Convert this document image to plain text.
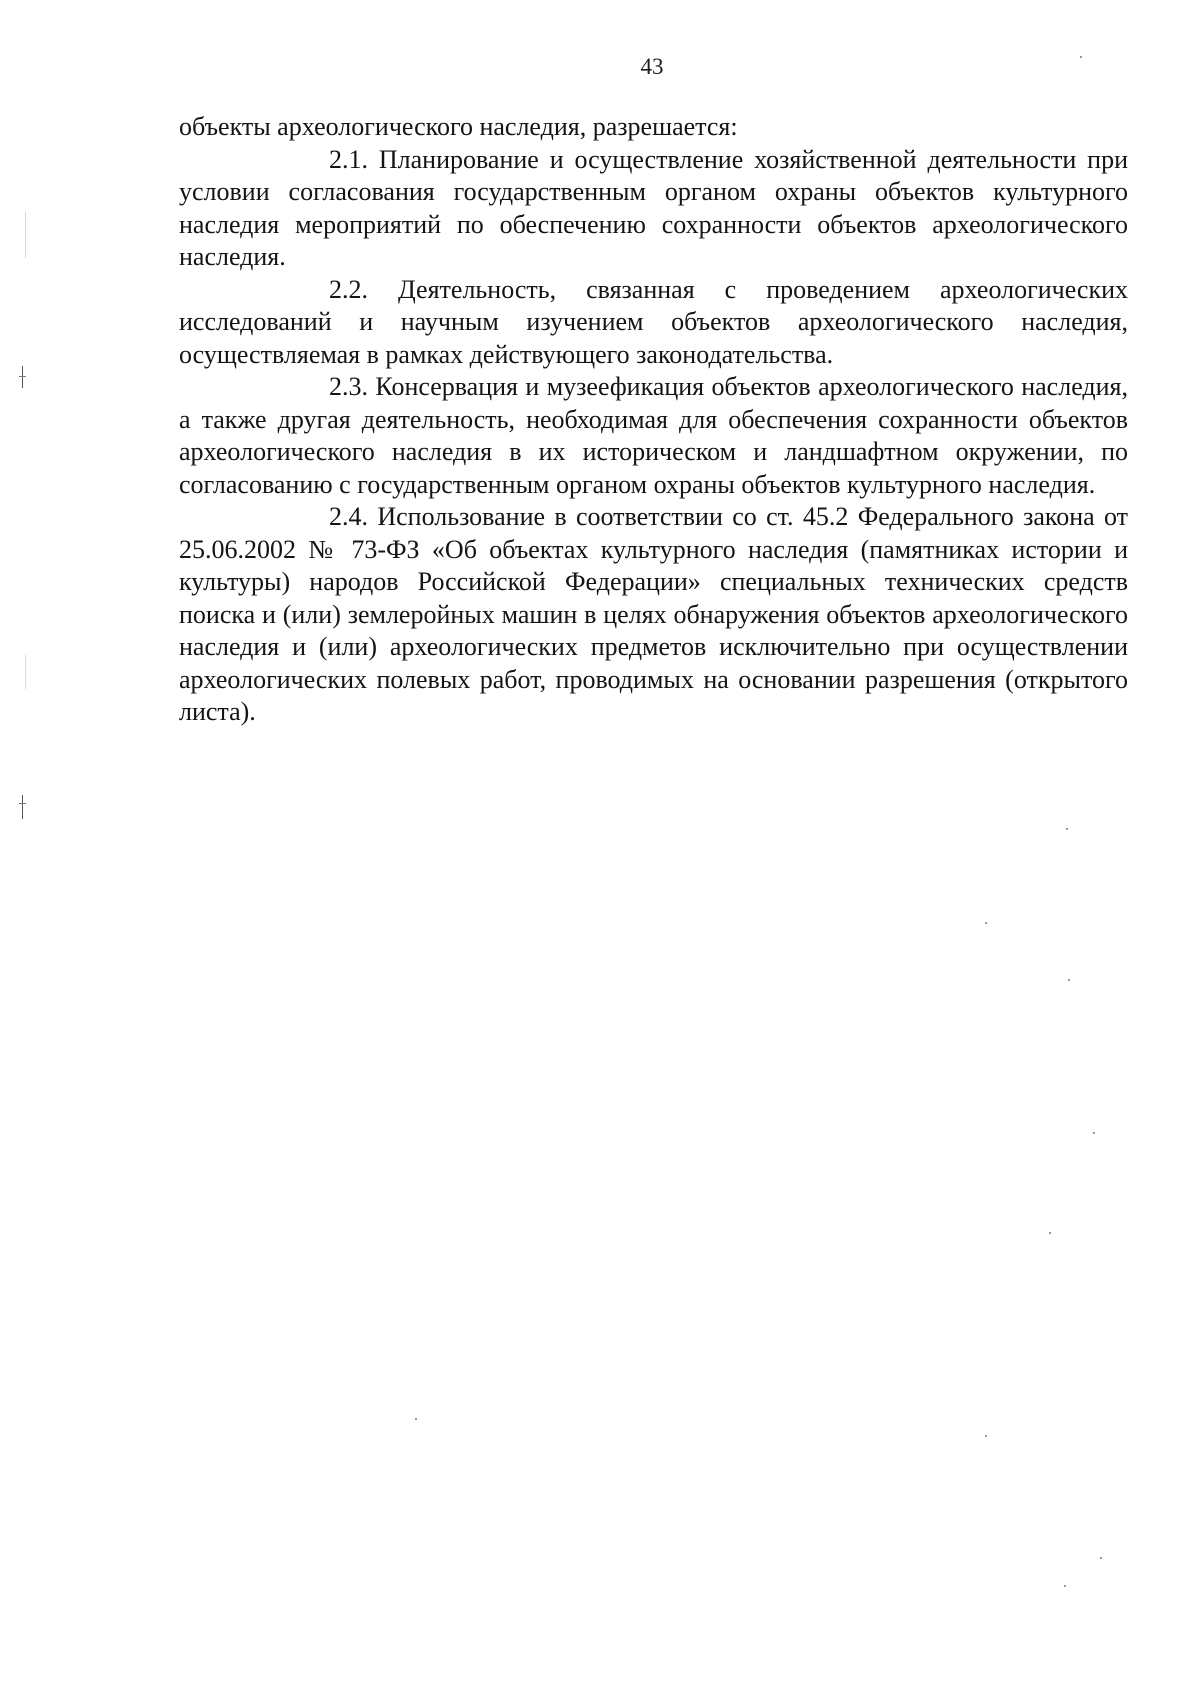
43

объекты археологического наследия, разрешается:

2.1. Планирование и осуществление хозяйственной деятельности при условии согласования государственным органом охраны объектов культурного наследия мероприятий по обеспечению сохранности объектов археологического наследия.

2.2. Деятельность, связанная с проведением археологических исследований и научным изучением объектов археологического наследия, осуществляемая в рамках действующего законодательства.

2.3. Консервация и музеефикация объектов археологического наследия, а также другая деятельность, необходимая для обеспечения сохранности объектов археологического наследия в их историческом и ландшафтном окружении, по согласованию с государственным органом охраны объектов культурного наследия.

2.4. Использование в соответствии со ст. 45.2 Федерального закона от 25.06.2002 № 73-ФЗ «Об объектах культурного наследия (памятниках истории и культуры) народов Российской Федерации» специальных технических средств поиска и (или) землеройных машин в целях обнаружения объектов археологического наследия и (или) археологических предметов исключительно при осуществлении археологических полевых работ, проводимых на основании разрешения (открытого листа).
